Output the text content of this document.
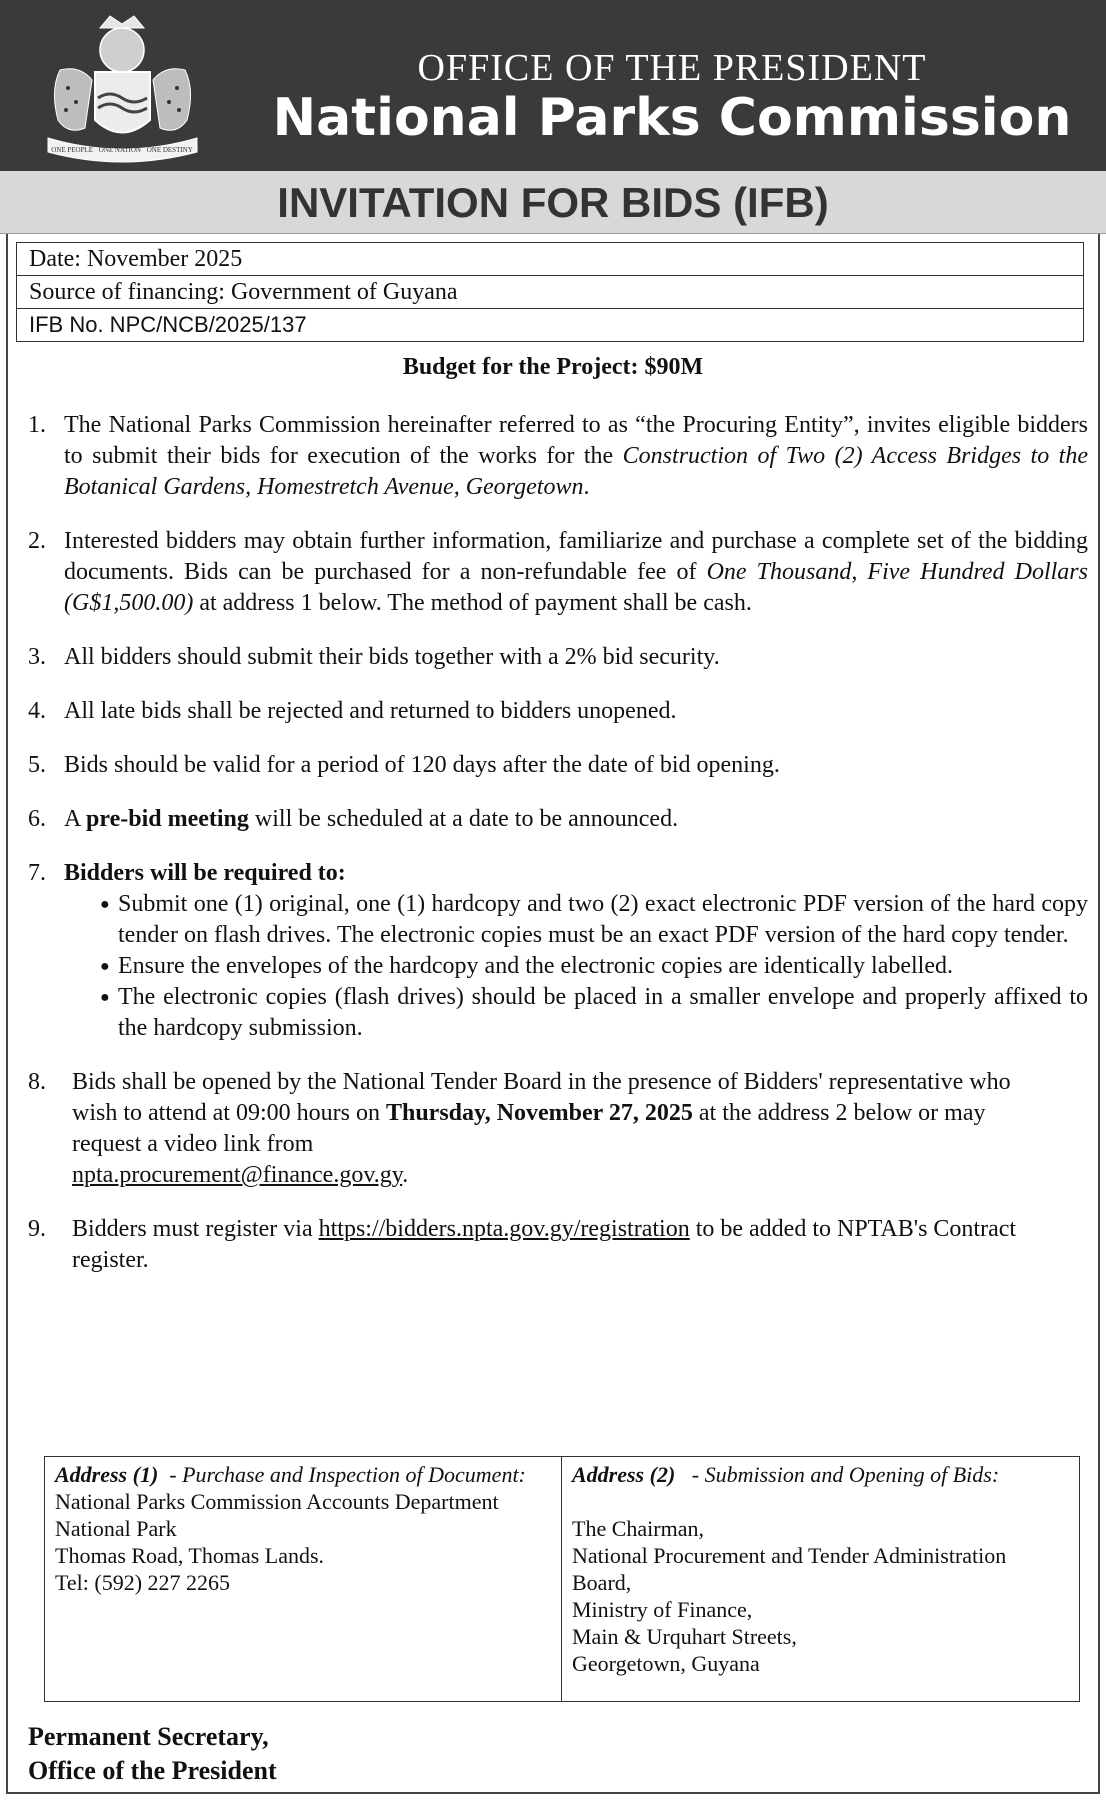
ONE PEOPLE ONE NATION ONE DESTINY
OFFICE OF THE PRESIDENT
National Parks Commission
INVITATION FOR BIDS (IFB)
Date: November 2025
Source of financing: Government of Guyana
IFB No. NPC/NCB/2025/137
Budget for the Project: $90M
1. The National Parks Commission hereinafter referred to as “the Procuring Entity”, invites eligible bidders to submit their bids for execution of the works for the Construction of Two (2) Access Bridges to the Botanical Gardens, Homestretch Avenue, Georgetown.
2. Interested bidders may obtain further information, familiarize and purchase a complete set of the bidding documents. Bids can be purchased for a non-refundable fee of One Thousand, Five Hundred Dollars (G$1,500.00) at address 1 below. The method of payment shall be cash.
3. All bidders should submit their bids together with a 2% bid security.
4. All late bids shall be rejected and returned to bidders unopened.
5. Bids should be valid for a period of 120 days after the date of bid opening.
6. A pre-bid meeting will be scheduled at a date to be announced.
7. Bidders will be required to:
● Submit one (1) original, one (1) hardcopy and two (2) exact electronic PDF version of the hard copy tender on flash drives. The electronic copies must be an exact PDF version of the hard copy tender.
● Ensure the envelopes of the hardcopy and the electronic copies are identically labelled.
● The electronic copies (flash drives) should be placed in a smaller envelope and properly affixed to the hardcopy submission.
8. Bids shall be opened by the National Tender Board in the presence of Bidders' representative who wish to attend at 09:00 hours on Thursday, November 27, 2025 at the address 2 below or may request a video link from
npta.procurement@finance.gov.gy.
9. Bidders must register via https://bidders.npta.gov.gy/registration to be added to NPTAB's Contract register.
Address (1) - Purchase and Inspection of Document:
National Parks Commission Accounts Department
National Park
Thomas Road, Thomas Lands.
Tel: (592) 227 2265
Address (2) - Submission and Opening of Bids:
The Chairman,
National Procurement and Tender Administration Board,
Ministry of Finance,
Main & Urquhart Streets,
Georgetown, Guyana
Permanent Secretary,
Office of the President
